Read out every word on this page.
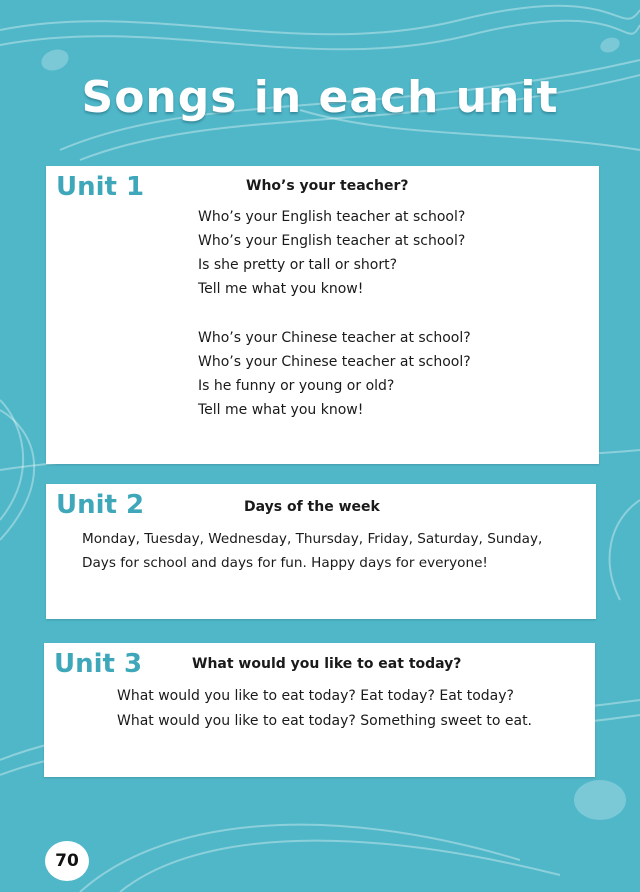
Songs in each unit
Unit 1	Who’s your teacher?
Who’s your English teacher at school?
Who’s your English teacher at school?
Is she pretty or tall or short?
Tell me what you know!
Who’s your Chinese teacher at school?
Who’s your Chinese teacher at school?
Is he funny or young or old?
Tell me what you know!
Unit 2	Days of the week
Monday, Tuesday, Wednesday, Thursday, Friday, Saturday, Sunday,
Days for school and days for fun. Happy days for everyone!
Unit 3	What would you like to eat today?
What would you like to eat today? Eat today? Eat today?
What would you like to eat today? Something sweet to eat.
70
